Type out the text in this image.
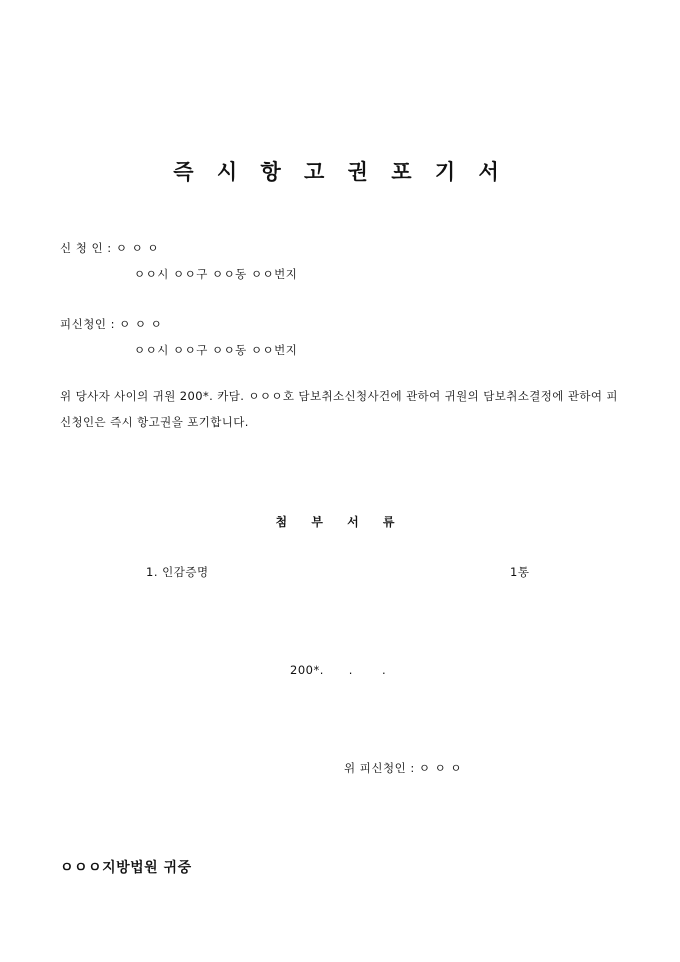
즉 시 항 고 권 포 기 서
신 청 인 : ㅇ ㅇ ㅇ
ㅇㅇ시 ㅇㅇ구 ㅇㅇ동 ㅇㅇ번지
피신청인 : ㅇ ㅇ ㅇ
ㅇㅇ시 ㅇㅇ구 ㅇㅇ동 ㅇㅇ번지
위 당사자 사이의 귀원 200*. 카담. ㅇㅇㅇ호 담보취소신청사건에 관하여 귀원의 담보취소결정에 관하여 피신청인은 즉시 항고권을 포기합니다.
첨 부 서 류
1. 인감증명	1통
200*.      .       .
위 피신청인 : ㅇ ㅇ ㅇ
ㅇㅇㅇ지방법원 귀중
